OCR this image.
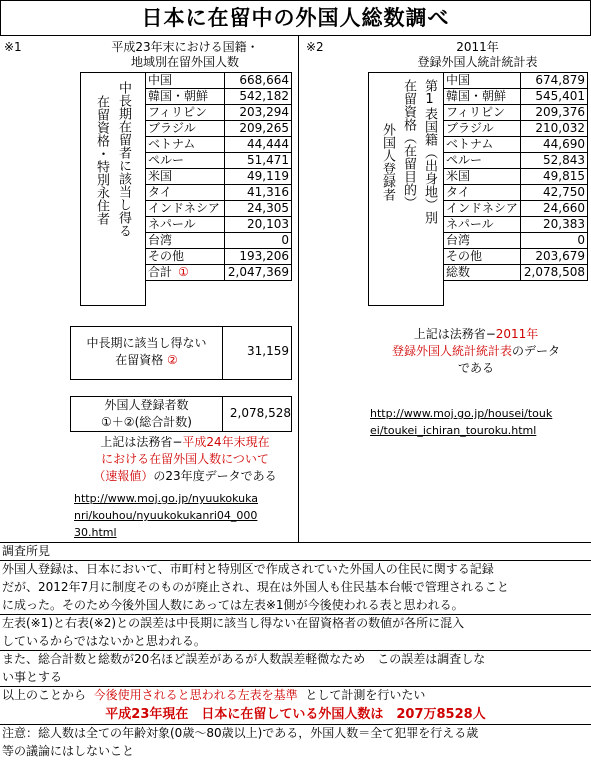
日本に在留中の外国人総数調べ
※1	平成23年末における国籍・
地域別在留外国人数
※2	2011年
登録外国人統計統計表
中長期在留者に該当し得る
在留資格・特別永住者
中国	668,664
韓国・朝鮮	542,182
フィリピン	203,294
ブラジル	209,265
ベトナム	44,444
ペルー	51,471
米国	49,119
タイ	41,316
インドネシア	24,305
ネパール	20,103
台湾	0
その他	193,206
合計 ①	2,047,369
第1表国籍（出身地）別
在留資格（在留目的）
外国人登録者
中国	674,879
韓国・朝鮮	545,401
フィリピン	209,376
ブラジル	210,032
ベトナム	44,690
ペルー	52,843
米国	49,815
タイ	42,750
インドネシア	24,660
ネパール	20,383
台湾	0
その他	203,679
総数	2,078,508
中長期に該当し得ない
在留資格 ②
31,159
外国人登録者数
①＋②(総合計数)
2,078,528
上記は法務省−平成24年末現在
における在留外国人数について
（速報値）の23年度データである
http://www.moj.go.jp/nyuukokuka
nri/kouhou/nyuukokukanri04_000
30.html
上記は法務省−2011年
登録外国人統計統計表のデータ
である
http://www.moj.go.jp/housei/touk
ei/toukei_ichiran_touroku.html
調査所見
外国人登録は、日本において、市町村と特別区で作成されていた外国人の住民に関する記録
だが、2012年7月に制度そのものが廃止され、現在は外国人も住民基本台帳で管理されること
に成った。そのため今後外国人数にあっては左表※1側が今後使われる表と思われる。
左表(※1)と右表(※2)との誤差は中長期に該当し得ない在留資格者の数値が各所に混入
しているからではないかと思われる。
また、総合計数と総数が20名ほど誤差があるが人数誤差軽微なため　この誤差は調査しな
い事とする
以上のことから 今後使用されると思われる左表を基準 として計測を行いたい
平成23年現在　日本に在留している外国人数は　207万8528人
注意：総人数は全ての年齢対象(0歳〜80歳以上)である，外国人数＝全て犯罪を行える歳
等の議論にはしないこと
